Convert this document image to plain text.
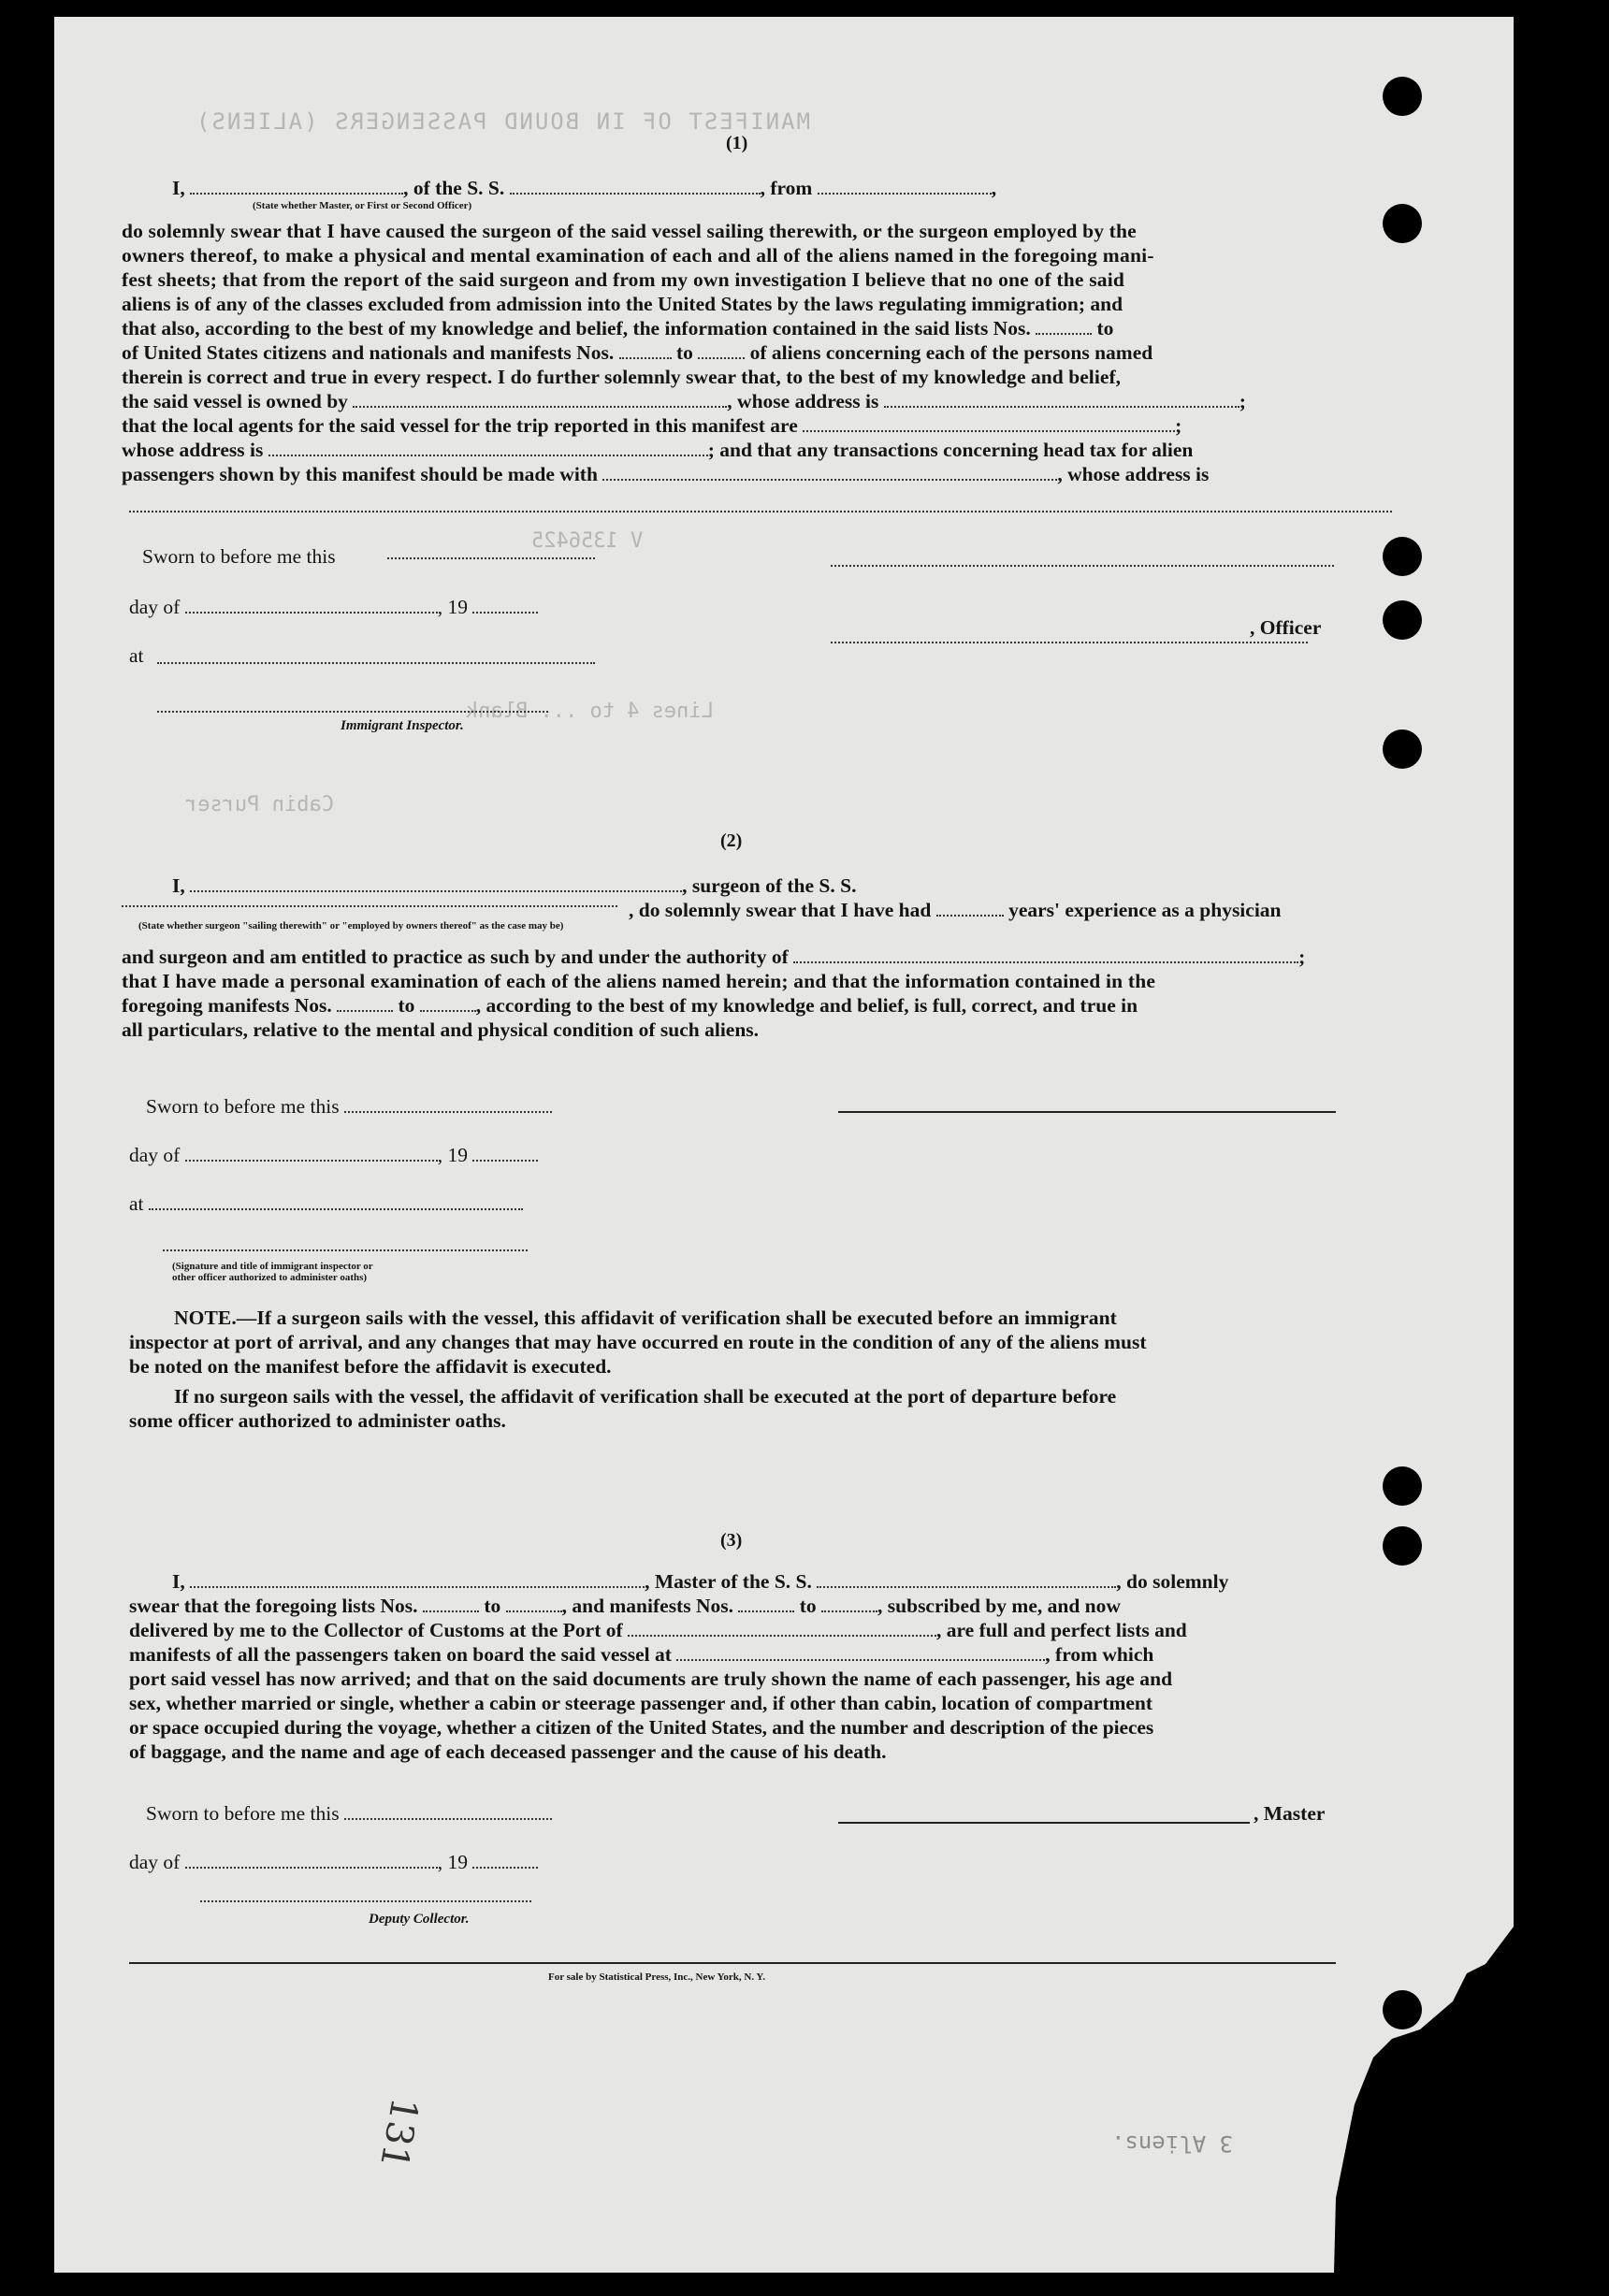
MANIFEST OF IN BOUND PASSENGERS (ALIENS)
Lines 4 to ... Blank
Cabin Purser
V 1356425
3 Aliens.
(1)
I,	, of the S. S.	, from	,
(State whether Master, or First or Second Officer)
do solemnly swear that I have caused the surgeon of the said vessel sailing therewith, or the surgeon employed by the
owners thereof, to make a physical and mental examination of each and all of the aliens named in the foregoing mani-
fest sheets; that from the report of the said surgeon and from my own investigation I believe that no one of the said
aliens is of any of the classes excluded from admission into the United States by the laws regulating immigration; and
that also, according to the best of my knowledge and belief, the information contained in the said lists Nos.	to
of United States citizens and nationals and manifests Nos.	to	of aliens concerning each of the persons named
therein is correct and true in every respect. I do further solemnly swear that, to the best of my knowledge and belief,
the said vessel is owned by	, whose address is	;
that the local agents for the said vessel for the trip reported in this manifest are	;
whose address is	; and that any transactions concerning head tax for alien
passengers shown by this manifest should be made with	, whose address is
Sworn to before me this
day of	, 19
at
, Officer
Immigrant Inspector.
(2)
I,	, surgeon of the S. S.
, do solemnly swear that I have had	years' experience as a physician
(State whether surgeon "sailing therewith" or "employed by owners thereof" as the case may be)
and surgeon and am entitled to practice as such by and under the authority of	;
that I have made a personal examination of each of the aliens named herein; and that the information contained in the
foregoing manifests Nos.	to	, according to the best of my knowledge and belief, is full, correct, and true in
all particulars, relative to the mental and physical condition of such aliens.
Sworn to before me this
day of	, 19
at
(Signature and title of immigrant inspector or
other officer authorized to administer oaths)
NOTE.—If a surgeon sails with the vessel, this affidavit of verification shall be executed before an immigrant
inspector at port of arrival, and any changes that may have occurred en route in the condition of any of the aliens must
be noted on the manifest before the affidavit is executed.
If no surgeon sails with the vessel, the affidavit of verification shall be executed at the port of departure before
some officer authorized to administer oaths.
(3)
I,	, Master of the S. S.	, do solemnly
swear that the foregoing lists Nos.	to	, and manifests Nos.	to	, subscribed by me, and now
delivered by me to the Collector of Customs at the Port of	, are full and perfect lists and
manifests of all the passengers taken on board the said vessel at	, from which
port said vessel has now arrived; and that on the said documents are truly shown the name of each passenger, his age and
sex, whether married or single, whether a cabin or steerage passenger and, if other than cabin, location of compartment
or space occupied during the voyage, whether a citizen of the United States, and the number and description of the pieces
of baggage, and the name and age of each deceased passenger and the cause of his death.
Sworn to before me this	, Master
day of	, 19
Deputy Collector.
For sale by Statistical Press, Inc., New York, N. Y.
131
